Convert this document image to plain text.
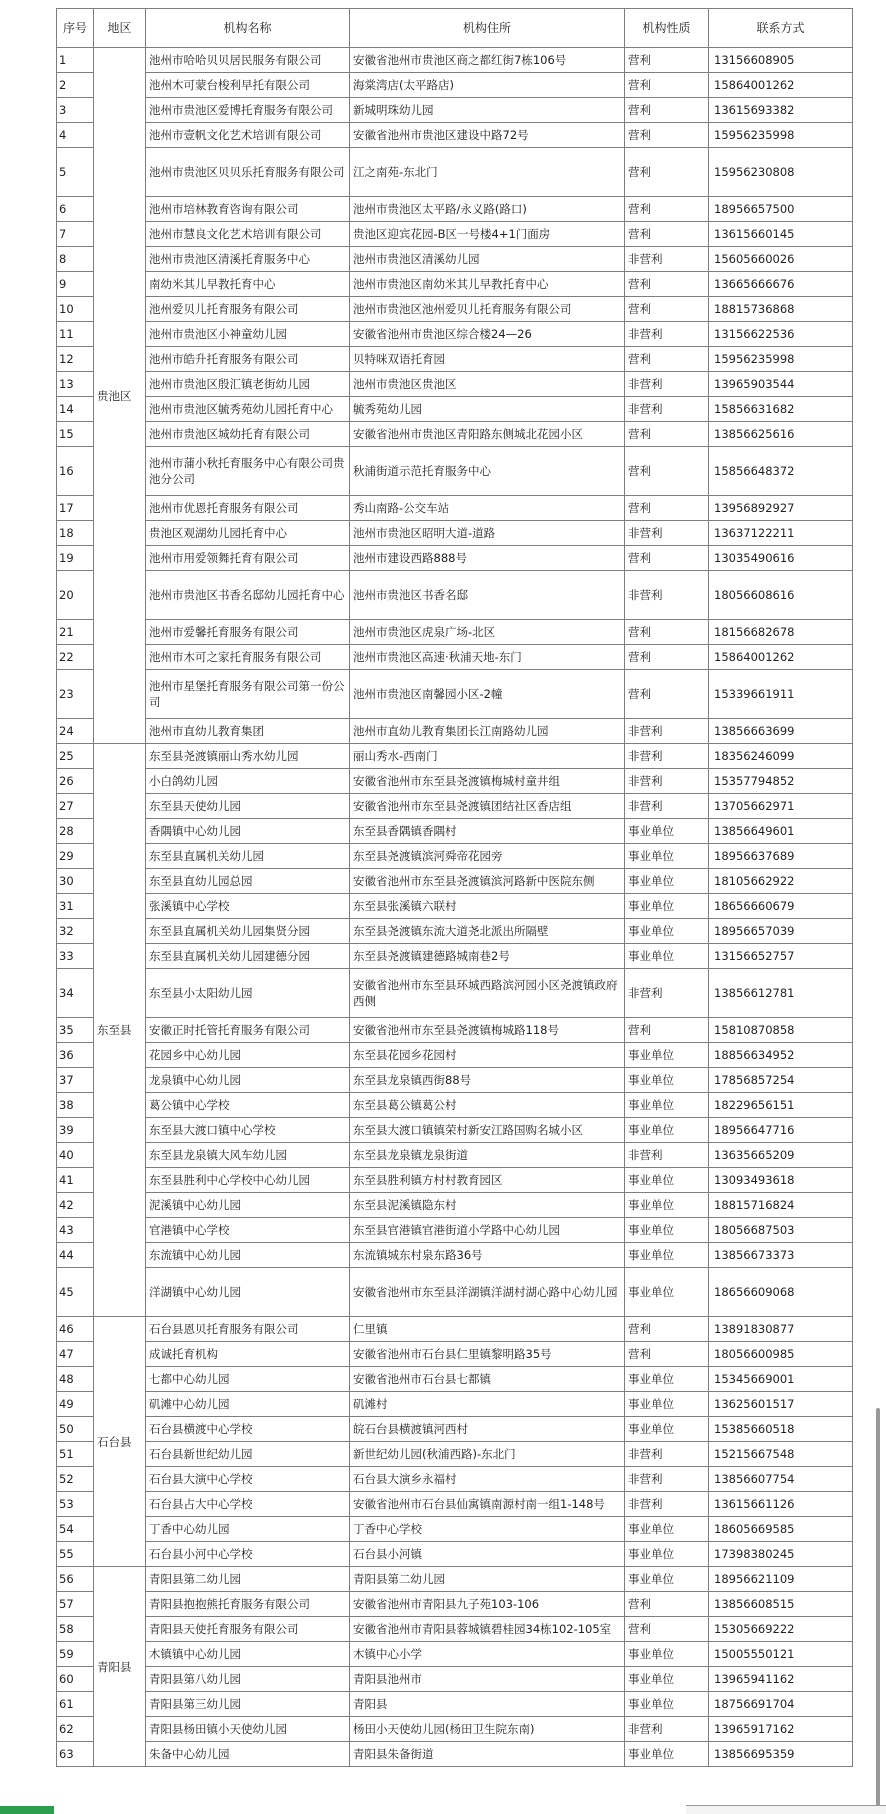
序号	地区	机构名称	机构住所	机构性质	联系方式
1	贵池区	池州市哈哈贝贝居民服务有限公司	安徽省池州市贵池区商之都红街7栋106号	营利	13156608905
2		池州木可蒙台梭利早托有限公司	海棠湾店(太平路店)	营利	15864001262
3		池州市贵池区爱博托育服务有限公司	新城明珠幼儿园	营利	13615693382
4		池州市壹帆文化艺术培训有限公司	安徽省池州市贵池区建设中路72号	营利	15956235998
5		池州市贵池区贝贝乐托育服务有限公司	江之南苑-东北门	营利	15956230808
6		池州市培林教育咨询有限公司	池州市贵池区太平路/永义路(路口)	营利	18956657500
7		池州市慧良文化艺术培训有限公司	贵池区迎宾花园-B区一号楼4+1门面房	营利	13615660145
8		池州市贵池区清溪托育服务中心	池州市贵池区清溪幼儿园	非营利	15605660026
9		南幼米其儿早教托育中心	池州市贵池区南幼米其儿早教托育中心	营利	13665666676
10		池州爱贝儿托育服务有限公司	池州市贵池区池州爱贝儿托育服务有限公司	营利	18815736868
11		池州市贵池区小神童幼儿园	安徽省池州市贵池区综合楼24—26	非营利	13156622536
12		池州市皓升托育服务有限公司	贝特咪双语托育园	营利	15956235998
13		池州市贵池区殷汇镇老街幼儿园	池州市贵池区贵池区	非营利	13965903544
14		池州市贵池区毓秀苑幼儿园托育中心	毓秀苑幼儿园	非营利	15856631682
15		池州市贵池区城幼托育有限公司	安徽省池州市贵池区青阳路东侧城北花园小区	营利	13856625616
16		池州市蒲小秋托育服务中心有限公司贵池分公司	秋浦街道示范托育服务中心	营利	15856648372
17		池州市优恩托育服务有限公司	秀山南路-公交车站	营利	13956892927
18		贵池区观湖幼儿园托育中心	池州市贵池区昭明大道-道路	非营利	13637122211
19		池州市用爱领舞托育有限公司	池州市建设西路888号	营利	13035490616
20		池州市贵池区书香名邸幼儿园托育中心	池州市贵池区书香名邸	非营利	18056608616
21		池州市爱馨托育服务有限公司	池州市贵池区虎泉广场-北区	营利	18156682678
22		池州市木可之家托育服务有限公司	池州市贵池区高速·秋浦天地-东门	营利	15864001262
23		池州市星堡托育服务有限公司第一份公司	池州市贵池区南馨园小区-2幢	营利	15339661911
24		池州市直幼儿教育集团	池州市直幼儿教育集团长江南路幼儿园	非营利	13856663699
25	东至县	东至县尧渡镇丽山秀水幼儿园	丽山秀水-西南门	非营利	18356246099
26		小白鸽幼儿园	安徽省池州市东至县尧渡镇梅城村童井组	非营利	15357794852
27		东至县天使幼儿园	安徽省池州市东至县尧渡镇团结社区香店组	非营利	13705662971
28		香隅镇中心幼儿园	东至县香隅镇香隅村	事业单位	13856649601
29		东至县直属机关幼儿园	东至县尧渡镇滨河舜帝花园旁	事业单位	18956637689
30		东至县直幼儿园总园	安徽省池州市东至县尧渡镇滨河路新中医院东侧	事业单位	18105662922
31		张溪镇中心学校	东至县张溪镇六联村	事业单位	18656660679
32		东至县直属机关幼儿园集贤分园	东至县尧渡镇东流大道尧北派出所隔壁	事业单位	18956657039
33		东至县直属机关幼儿园建德分园	东至县尧渡镇建德路城南巷2号	事业单位	13156652757
34		东至县小太阳幼儿园	安徽省池州市东至县环城西路滨河园小区尧渡镇政府西侧	非营利	13856612781
35		安徽正时托管托育服务有限公司	安徽省池州市东至县尧渡镇梅城路118号	营利	15810870858
36		花园乡中心幼儿园	东至县花园乡花园村	事业单位	18856634952
37		龙泉镇中心幼儿园	东至县龙泉镇西街88号	事业单位	17856857254
38		葛公镇中心学校	东至县葛公镇葛公村	事业单位	18229656151
39		东至县大渡口镇中心学校	东至县大渡口镇镇荣村新安江路国购名城小区	事业单位	18956647716
40		东至县龙泉镇大风车幼儿园	东至县龙泉镇龙泉街道	非营利	13635665209
41		东至县胜利中心学校中心幼儿园	东至县胜利镇方村村教育园区	事业单位	13093493618
42		泥溪镇中心幼儿园	东至县泥溪镇隐东村	事业单位	18815716824
43		官港镇中心学校	东至县官港镇官港街道小学路中心幼儿园	事业单位	18056687503
44		东流镇中心幼儿园	东流镇城东村泉东路36号	事业单位	13856673373
45		洋湖镇中心幼儿园	安徽省池州市东至县洋湖镇洋湖村湖心路中心幼儿园	事业单位	18656609068
46	石台县	石台县恩贝托育服务有限公司	仁里镇	营利	13891830877
47		成诚托育机构	安徽省池州市石台县仁里镇黎明路35号	营利	18056600985
48		七都中心幼儿园	安徽省池州市石台县七都镇	事业单位	15345669001
49		矶滩中心幼儿园	矶滩村	事业单位	13625601517
50		石台县横渡中心学校	皖石台县横渡镇河西村	事业单位	15385660518
51		石台县新世纪幼儿园	新世纪幼儿园(秋浦西路)-东北门	非营利	15215667548
52		石台县大演中心学校	石台县大演乡永福村	非营利	13856607754
53		石台县占大中心学校	安徽省池州市石台县仙寓镇南源村南一组1-148号	非营利	13615661126
54		丁香中心幼儿园	丁香中心学校	事业单位	18605669585
55		石台县小河中心学校	石台县小河镇	事业单位	17398380245
56	青阳县	青阳县第二幼儿园	青阳县第二幼儿园	事业单位	18956621109
57		青阳县抱抱熊托育服务有限公司	安徽省池州市青阳县九子苑103-106	营利	13856608515
58		青阳县天使托育服务有限公司	安徽省池州市青阳县蓉城镇碧桂园34栋102-105室	营利	15305669222
59		木镇镇中心幼儿园	木镇中心小学	事业单位	15005550121
60		青阳县第八幼儿园	青阳县池州市	事业单位	13965941162
61		青阳县第三幼儿园	青阳县	事业单位	18756691704
62		青阳县杨田镇小天使幼儿园	杨田小天使幼儿园(杨田卫生院东南)	非营利	13965917162
63		朱备中心幼儿园	青阳县朱备街道	事业单位	13856695359
